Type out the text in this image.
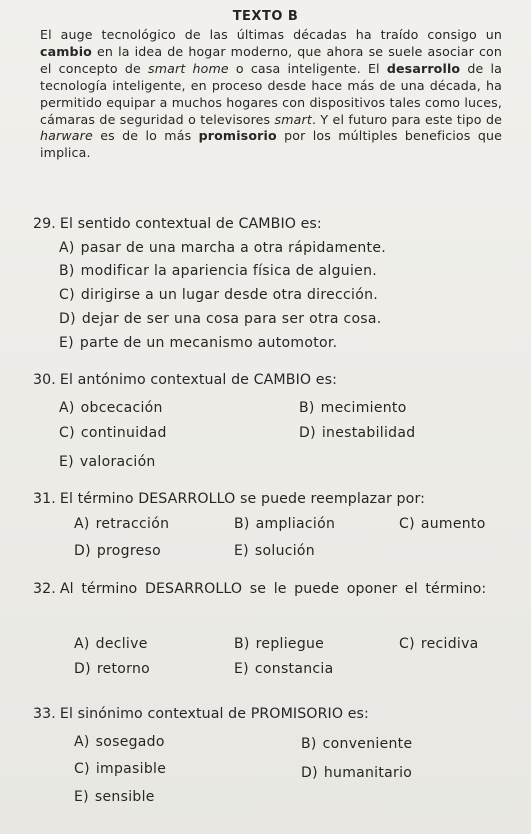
TEXTO B
El auge tecnológico de las últimas décadas ha traído consigo un cambio en la idea de hogar moderno, que ahora se suele asociar con el concepto de smart home o casa inteligente. El desarrollo de la tecnología inteligente, en proceso desde hace más de una década, ha permitido equipar a muchos hogares con dispositivos tales como luces, cámaras de seguridad o televisores smart. Y el futuro para este tipo de harware es de lo más promisorio por los múltiples beneficios que implica.
29. El sentido contextual de CAMBIO es:
A) pasar de una marcha a otra rápidamente.
B) modificar la apariencia física de alguien.
C) dirigirse a un lugar desde otra dirección.
D) dejar de ser una cosa para ser otra cosa.
E) parte de un mecanismo automotor.
30. El antónimo contextual de CAMBIO es:
A) obcecación	B) mecimiento
C) continuidad	D) inestabilidad
E) valoración
31. El término DESARROLLO se puede reemplazar por:
A) retracción	B) ampliación	C) aumento
D) progreso	E) solución
32. Al término DESARROLLO se le puede oponer el término:
A) declive	B) repliegue	C) recidiva
D) retorno	E) constancia
33. El sinónimo contextual de PROMISORIO es:
A) sosegado	B) conveniente
C) impasible	D) humanitario
E) sensible
